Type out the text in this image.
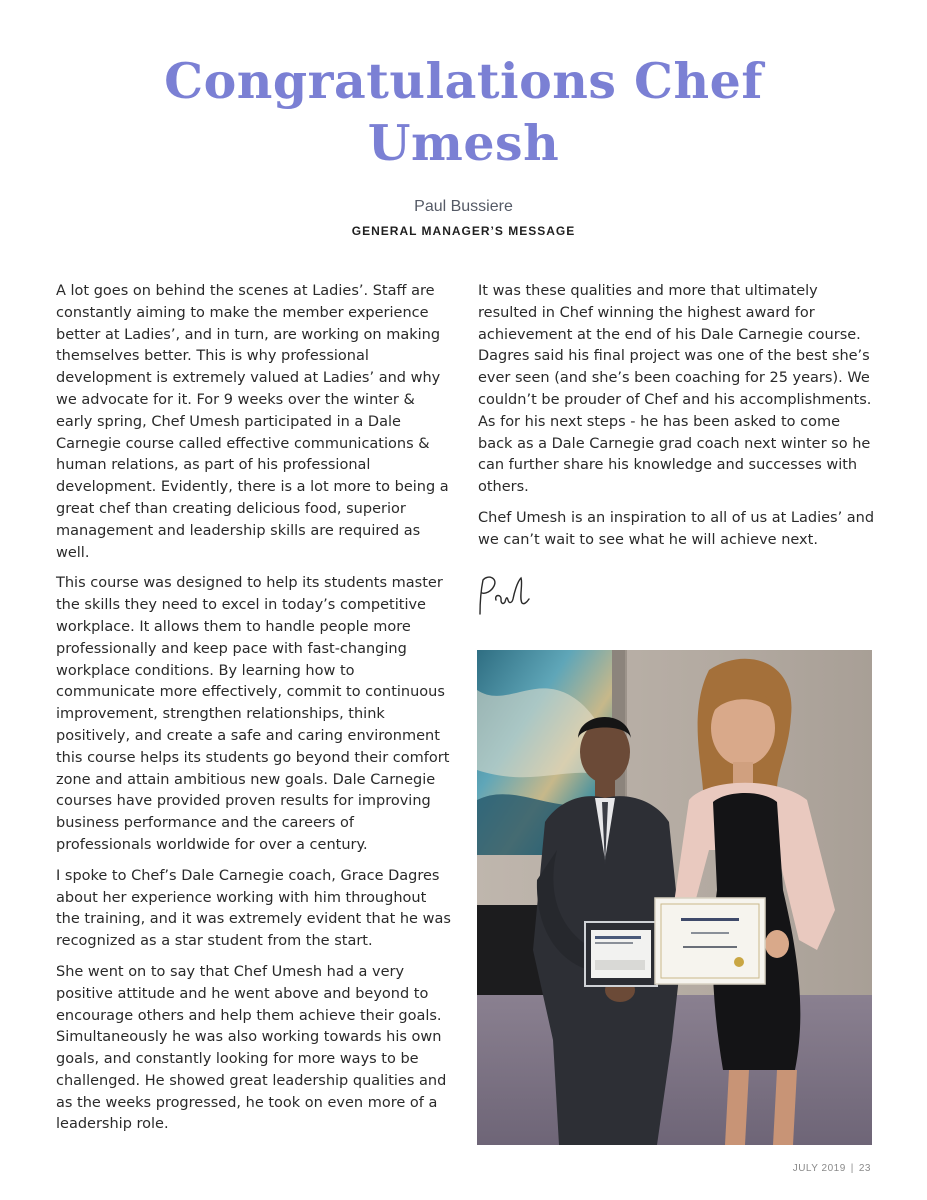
Congratulations Chef Umesh
Paul Bussiere
GENERAL MANAGER’S MESSAGE

A lot goes on behind the scenes at Ladies’. Staff are constantly aiming to make the member experience better at Ladies’, and in turn, are working on making themselves better. This is why professional development is extremely valued at Ladies’ and why we advocate for it. For 9 weeks over the winter & early spring, Chef Umesh participated in a Dale Carnegie course called effective communications & human relations, as part of his professional development. Evidently, there is a lot more to being a great chef than creating delicious food, superior management and leadership skills are required as well.

This course was designed to help its students master the skills they need to excel in today’s competitive workplace. It allows them to handle people more professionally and keep pace with fast-changing workplace conditions. By learning how to communicate more effectively, commit to continuous improvement, strengthen relationships, think positively, and create a safe and caring environment this course helps its students go beyond their comfort zone and attain ambitious new goals. Dale Carnegie courses have provided proven results for improving business performance and the careers of professionals worldwide for over a century.

I spoke to Chef’s Dale Carnegie coach, Grace Dagres about her experience working with him throughout the training, and it was extremely evident that he was recognized as a star student from the start.

She went on to say that Chef Umesh had a very positive attitude and he went above and beyond to encourage others and help them achieve their goals. Simultaneously he was also working towards his own goals, and constantly looking for more ways to be challenged. He showed great leadership qualities and as the weeks progressed, he took on even more of a leadership role.

It was these qualities and more that ultimately resulted in Chef winning the highest award for achievement at the end of his Dale Carnegie course. Dagres said his final project was one of the best she’s ever seen (and she’s been coaching for 25 years). We couldn’t be prouder of Chef and his accomplishments. As for his next steps - he has been asked to come back as a Dale Carnegie grad coach next winter so he can further share his knowledge and successes with others.

Chef Umesh is an inspiration to all of us at Ladies’ and we can’t wait to see what he will achieve next.

JULY 2019 | 23
